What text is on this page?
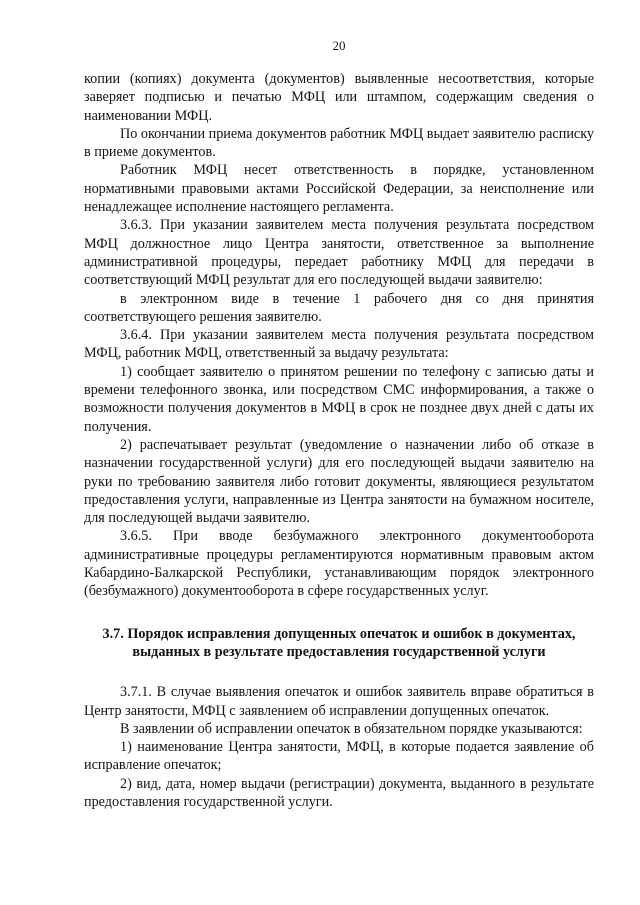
20

копии (копиях) документа (документов) выявленные несоответствия, которые заверяет подписью и печатью МФЦ или штампом, содержащим сведения о наименовании МФЦ.

По окончании приема документов работник МФЦ выдает заявителю расписку в приеме документов.

Работник МФЦ несет ответственность в порядке, установленном нормативными правовыми актами Российской Федерации, за неисполнение или ненадлежащее исполнение настоящего регламента.

3.6.3. При указании заявителем места получения результата посредством МФЦ должностное лицо Центра занятости, ответственное за выполнение административной процедуры, передает работнику МФЦ для передачи в соответствующий МФЦ результат для его последующей выдачи заявителю:

в электронном виде в течение 1 рабочего дня со дня принятия соответствующего решения заявителю.

3.6.4. При указании заявителем места получения результата посредством МФЦ, работник МФЦ, ответственный за выдачу результата:

1) сообщает заявителю о принятом решении по телефону с записью даты и времени телефонного звонка, или посредством СМС информирования, а также о возможности получения документов в МФЦ в срок не позднее двух дней с даты их получения.

2) распечатывает результат (уведомление о назначении либо об отказе в назначении государственной услуги) для его последующей выдачи заявителю на руки по требованию заявителя либо готовит документы, являющиеся результатом предоставления услуги, направленные из Центра занятости на бумажном носителе, для последующей выдачи заявителю.

3.6.5. При вводе безбумажного электронного документооборота административные процедуры регламентируются нормативным правовым актом Кабардино-Балкарской Республики, устанавливающим порядок электронного (безбумажного) документооборота в сфере государственных услуг.

3.7. Порядок исправления допущенных опечаток и ошибок в документах, выданных в результате предоставления государственной услуги

3.7.1. В случае выявления опечаток и ошибок заявитель вправе обратиться в Центр занятости, МФЦ с заявлением об исправлении допущенных опечаток.

В заявлении об исправлении опечаток в обязательном порядке указываются:

1) наименование Центра занятости, МФЦ, в которые подается заявление об исправление опечаток;

2) вид, дата, номер выдачи (регистрации) документа, выданного в результате предоставления государственной услуги.
